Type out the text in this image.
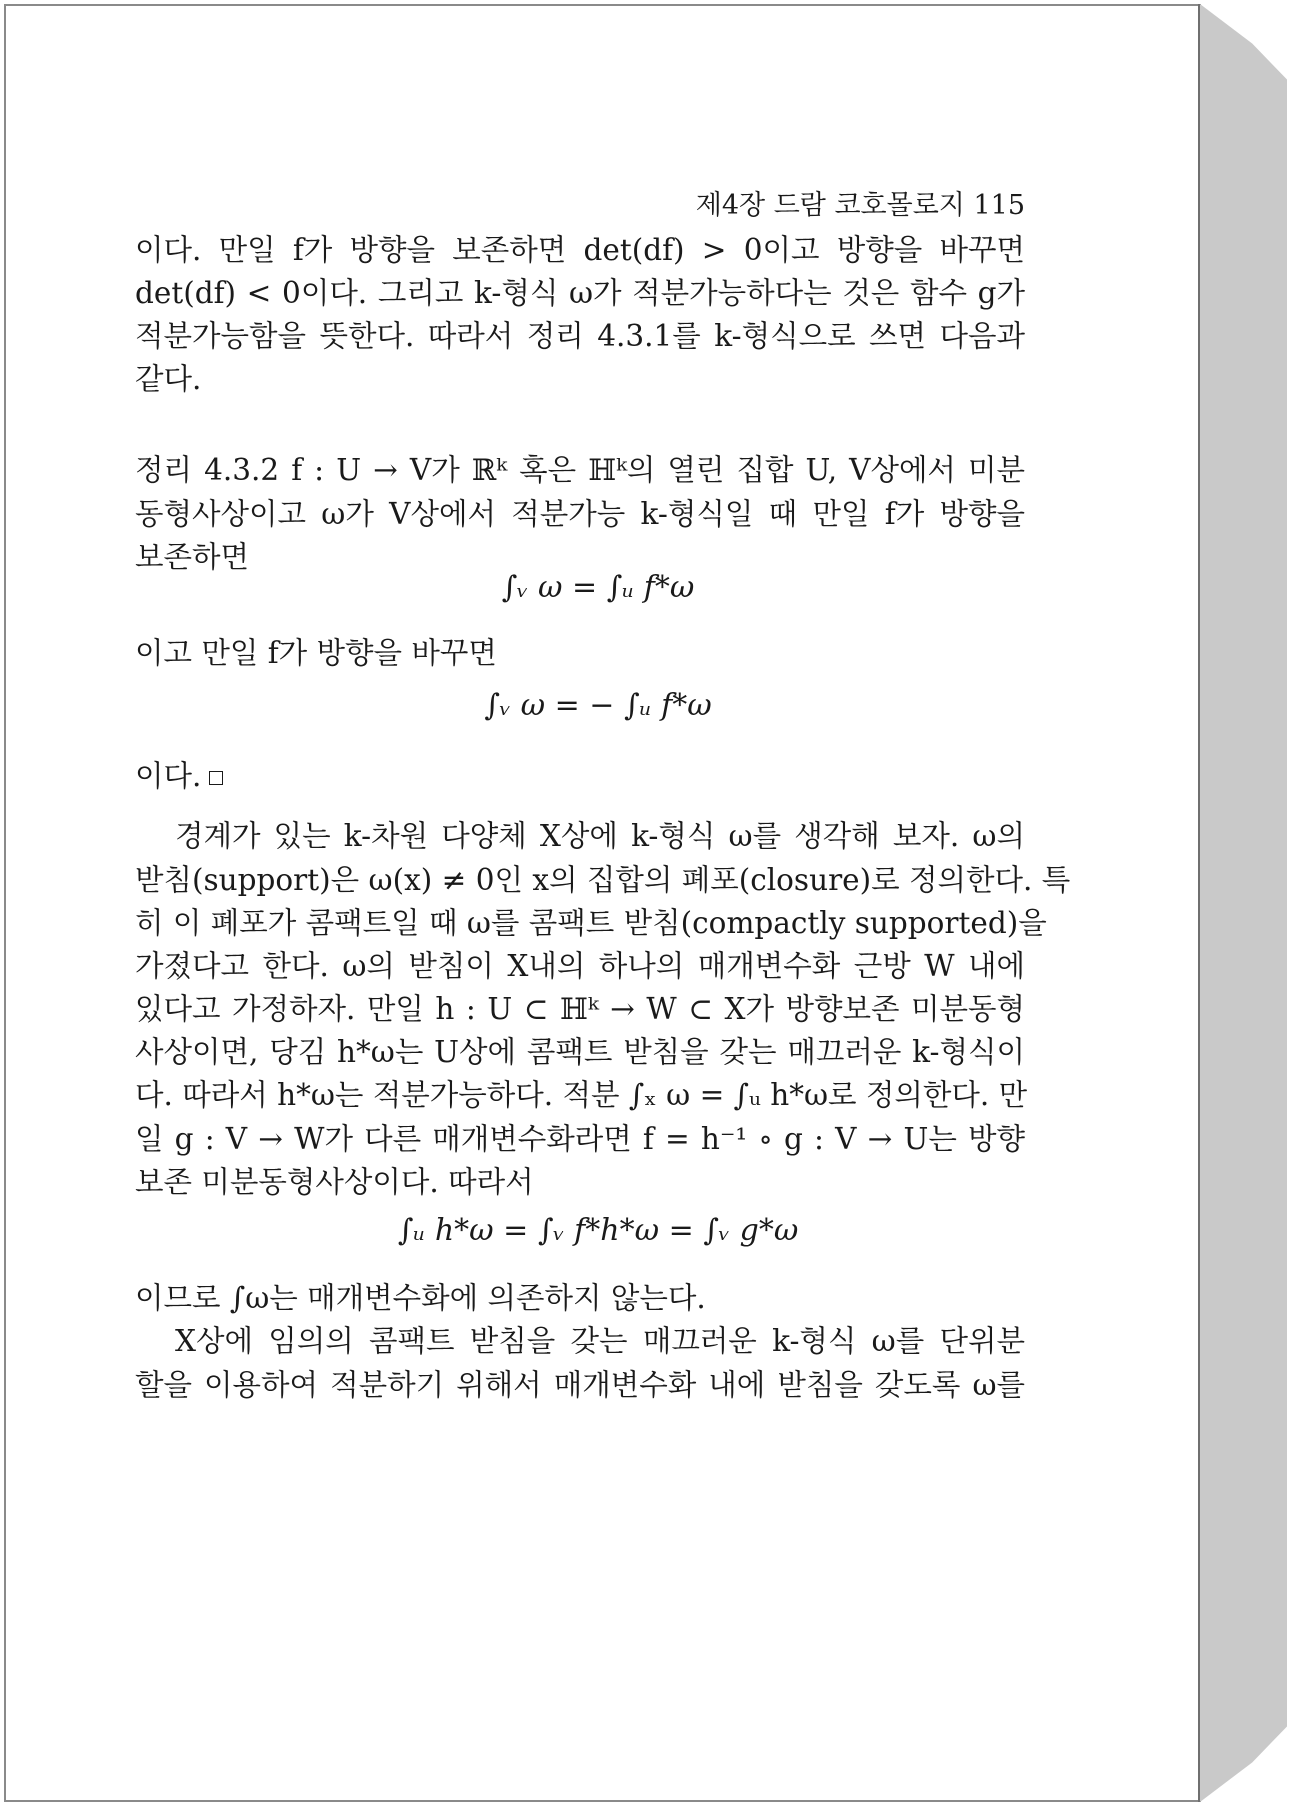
제4장 드람 코호몰로지 115
이다. 만일 f가 방향을 보존하면 det(df) > 0이고 방향을 바꾸면
det(df) < 0이다. 그리고 k-형식 ω가 적분가능하다는 것은 함수 g가
적분가능함을 뜻한다. 따라서 정리 4.3.1를 k-형식으로 쓰면 다음과
같다.
정리 4.3.2 f : U → V가 ℝᵏ 혹은 ℍᵏ의 열린 집합 U, V상에서 미분
동형사상이고 ω가 V상에서 적분가능 k-형식일 때 만일 f가 방향을
보존하면
∫ᵥ ω = ∫ᵤ f*ω
이고 만일 f가 방향을 바꾸면
∫ᵥ ω = − ∫ᵤ f*ω
이다.
경계가 있는 k-차원 다양체 X상에 k-형식 ω를 생각해 보자. ω의
받침(support)은 ω(x) ≠ 0인 x의 집합의 폐포(closure)로 정의한다. 특
히 이 폐포가 콤팩트일 때 ω를 콤팩트 받침(compactly supported)을
가졌다고 한다. ω의 받침이 X내의 하나의 매개변수화 근방 W 내에
있다고 가정하자. 만일 h : U ⊂ ℍᵏ → W ⊂ X가 방향보존 미분동형
사상이면, 당김 h*ω는 U상에 콤팩트 받침을 갖는 매끄러운 k-형식이
다. 따라서 h*ω는 적분가능하다. 적분 ∫ₓ ω = ∫ᵤ h*ω로 정의한다. 만
일 g : V → W가 다른 매개변수화라면 f = h⁻¹ ∘ g : V → U는 방향
보존 미분동형사상이다. 따라서
∫ᵤ h*ω = ∫ᵥ f*h*ω = ∫ᵥ g*ω
이므로 ∫ω는 매개변수화에 의존하지 않는다.
X상에 임의의 콤팩트 받침을 갖는 매끄러운 k-형식 ω를 단위분
할을 이용하여 적분하기 위해서 매개변수화 내에 받침을 갖도록 ω를
